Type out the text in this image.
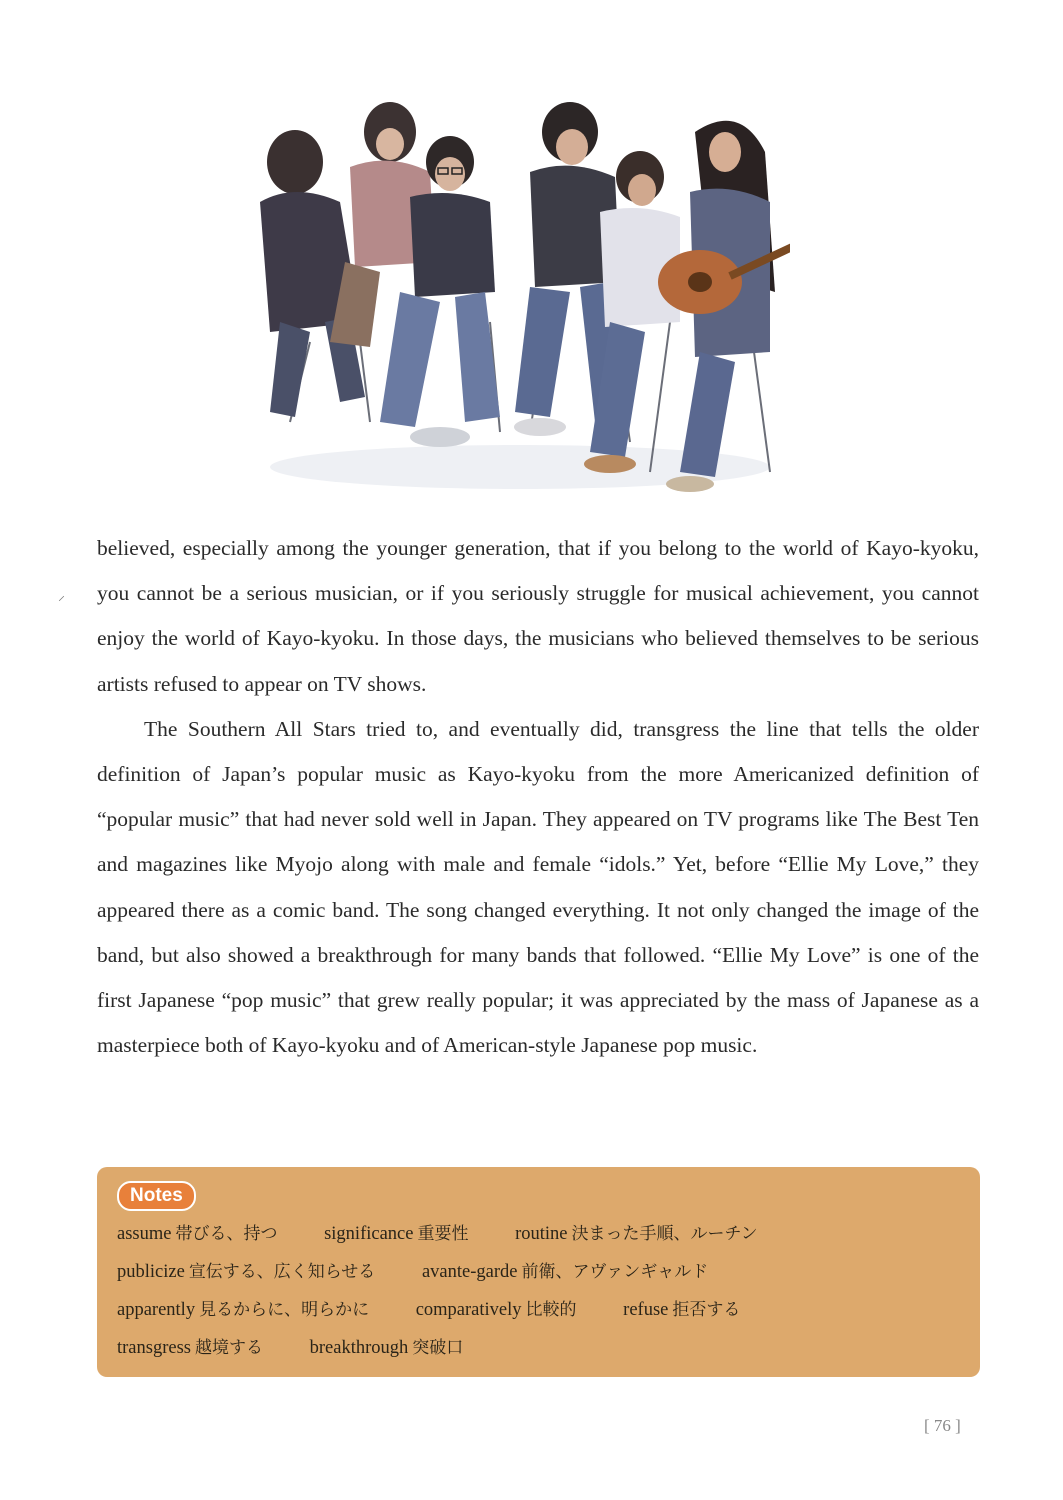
⸝

believed, especially among the younger generation, that if you belong to the world of Kayo-kyoku, you cannot be a serious musician, or if you seriously struggle for musical achievement, you cannot enjoy the world of Kayo-kyoku. In those days, the musicians who believed themselves to be serious artists refused to appear on TV shows.

The Southern All Stars tried to, and eventually did, transgress the line that tells the older definition of Japan’s popular music as Kayo-kyoku from the more Americanized definition of “popular music” that had never sold well in Japan. They appeared on TV programs like The Best Ten and magazines like Myojo along with male and female “idols.” Yet, before “Ellie My Love,” they appeared there as a comic band. The song changed everything. It not only changed the image of the band, but also showed a breakthrough for many bands that followed. “Ellie My Love” is one of the first Japanese “pop music” that grew really popular; it was appreciated by the mass of Japanese as a masterpiece both of Kayo-kyoku and of American-style Japanese pop music.

Notes
assume 帯びる、持つ	significance 重要性	routine 決まった手順、ルーチン
publicize 宣伝する、広く知らせる	avante-garde 前衛、アヴァンギャルド
apparently 見るからに、明らかに	comparatively 比較的	refuse 拒否する
transgress 越境する	breakthrough 突破口
[ 76 ]
